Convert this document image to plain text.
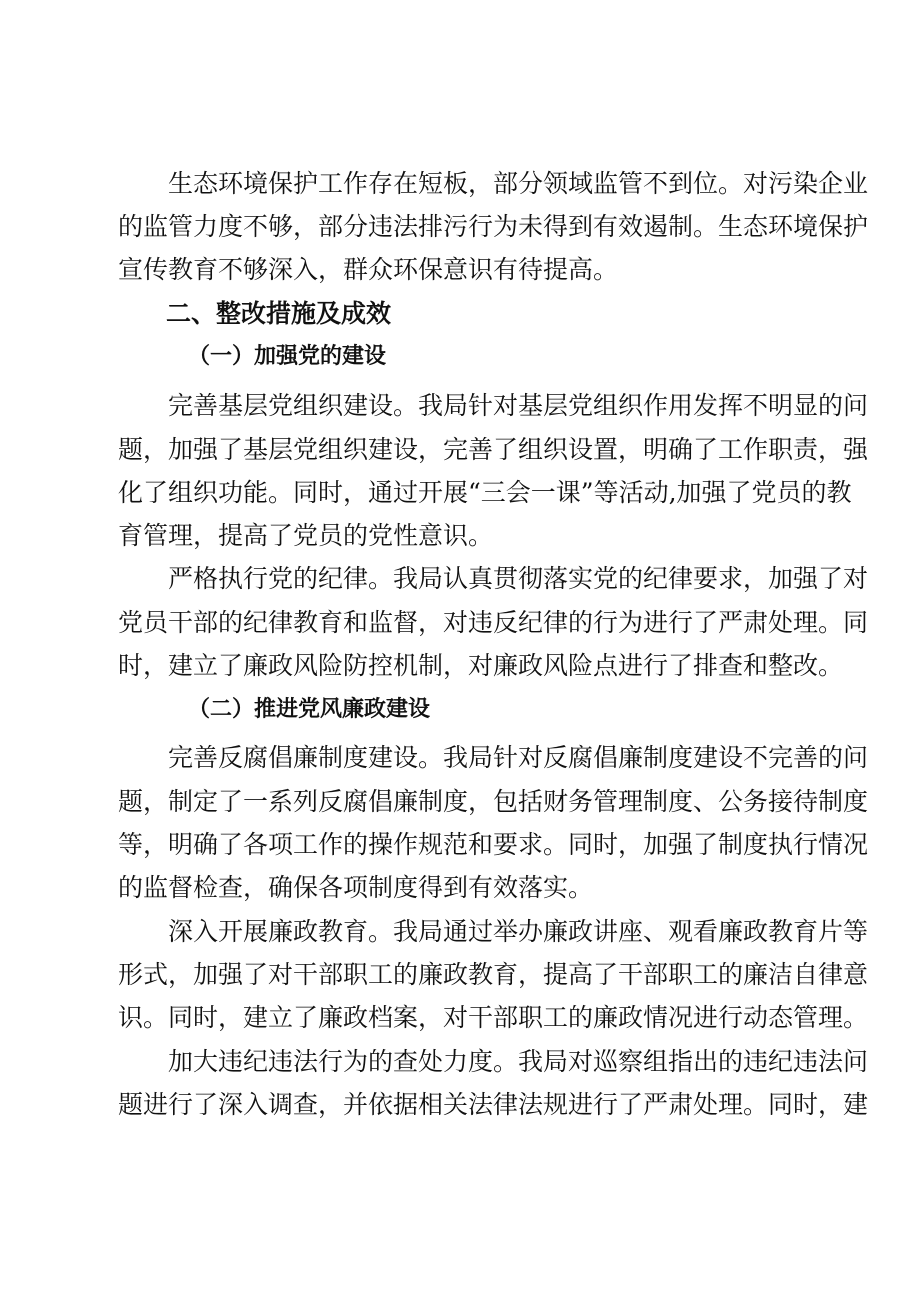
生态环境保护工作存在短板，部分领域监管不到位。对污染企业

的监管力度不够，部分违法排污行为未得到有效遏制。生态环境保护

宣传教育不够深入，群众环保意识有待提高。

二、整改措施及成效
（一）加强党的建设

完善基层党组织建设。我局针对基层党组织作用发挥不明显的问

题，加强了基层党组织建设，完善了组织设置，明确了工作职责，强

化了组织功能。同时，通过开展“三会一课”等活动,加强了党员的教

育管理，提高了党员的党性意识。

严格执行党的纪律。我局认真贯彻落实党的纪律要求，加强了对

党员干部的纪律教育和监督，对违反纪律的行为进行了严肃处理。同

时，建立了廉政风险防控机制，对廉政风险点进行了排查和整改。

（二）推进党风廉政建设

完善反腐倡廉制度建设。我局针对反腐倡廉制度建设不完善的问

题，制定了一系列反腐倡廉制度，包括财务管理制度、公务接待制度

等，明确了各项工作的操作规范和要求。同时，加强了制度执行情况

的监督检查，确保各项制度得到有效落实。

深入开展廉政教育。我局通过举办廉政讲座、观看廉政教育片等

形式，加强了对干部职工的廉政教育，提高了干部职工的廉洁自律意

识。同时，建立了廉政档案，对干部职工的廉政情况进行动态管理。

加大违纪违法行为的查处力度。我局对巡察组指出的违纪违法问

题进行了深入调查，并依据相关法律法规进行了严肃处理。同时，建
